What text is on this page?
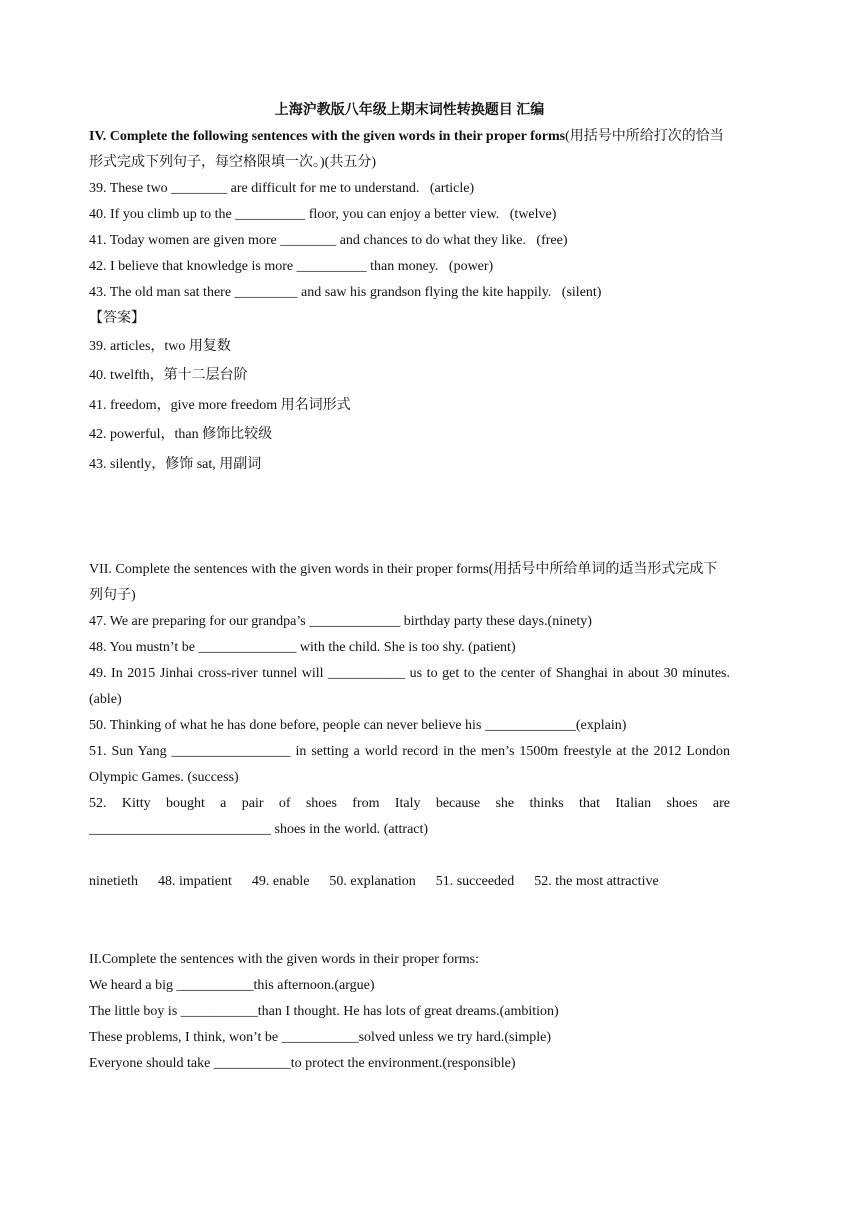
上海沪教版八年级上期末词性转换题目 汇编
IV. Complete the following sentences with the given words in their proper forms(用括号中所给打次的恰当形式完成下列句子，每空格限填一次。)(共五分)
39. These two ________ are difficult for me to understand.   (article)
40. If you climb up to the __________ floor, you can enjoy a better view.   (twelve)
41. Today women are given more ________ and chances to do what they like.   (free)
42. I believe that knowledge is more __________ than money.   (power)
43. The old man sat there _________ and saw his grandson flying the kite happily.   (silent)
【答案】
39. articles，two 用复数
40. twelfth，第十二层台阶
41. freedom，give more freedom 用名词形式
42. powerful，than 修饰比较级
43. silently，修饰 sat, 用副词
VII. Complete the sentences with the given words in their proper forms(用括号中所给单词的适当形式完成下列句子)
47. We are preparing for our grandpa’s _____________ birthday party these days.(ninety)
48. You mustn’t be ______________ with the child. She is too shy. (patient)
49. In 2015 Jinhai cross-river tunnel will ___________ us to get to the center of Shanghai in about 30 minutes. (able)
50. Thinking of what he has done before, people can never believe his _____________(explain)
51. Sun Yang _________________ in setting a world record in the men’s 1500m freestyle at the 2012 London Olympic Games. (success)
52. Kitty bought a pair of shoes from Italy because she thinks that Italian shoes are __________________________ shoes in the world. (attract)
ninetieth 48. impatient 49. enable 50. explanation 51. succeeded 52. the most attractive
II.Complete the sentences with the given words in their proper forms:
We heard a big ___________this afternoon.(argue)
The little boy is ___________than I thought. He has lots of great dreams.(ambition)
These problems, I think, won’t be ___________solved unless we try hard.(simple)
Everyone should take ___________to protect the environment.(responsible)
